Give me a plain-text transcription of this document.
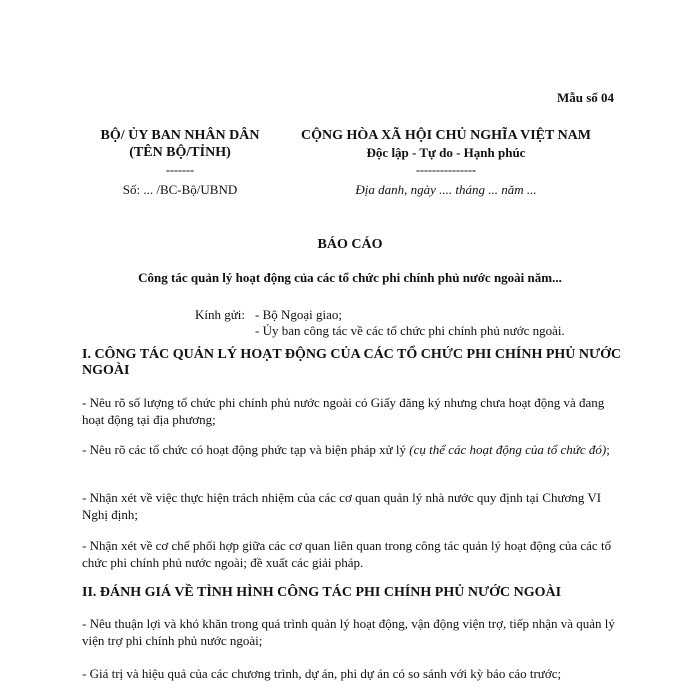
Mẫu số 04
BỘ/ ỦY BAN NHÂN DÂN
(TÊN BỘ/TỈNH)
-------
Số: ... /BC-Bộ/UBND
CỘNG HÒA XÃ HỘI CHỦ NGHĨA VIỆT NAM
Độc lập - Tự do - Hạnh phúc
---------------
Địa danh, ngày .... tháng ... năm ...
BÁO CÁO
Công tác quản lý hoạt động của các tổ chức phi chính phủ nước ngoài năm...
Kính gửi: - Bộ Ngoại giao;
- Ủy ban công tác về các tổ chức phi chính phủ nước ngoài.
I. CÔNG TÁC QUẢN LÝ HOẠT ĐỘNG CỦA CÁC TỔ CHỨC PHI CHÍNH PHỦ NƯỚC NGOÀI
- Nêu rõ số lượng tổ chức phi chính phủ nước ngoài có Giấy đăng ký nhưng chưa hoạt động và đang hoạt động tại địa phương;
- Nêu rõ các tổ chức có hoạt động phức tạp và biện pháp xử lý (cụ thể các hoạt động của tổ chức đó);
- Nhận xét về việc thực hiện trách nhiệm của các cơ quan quản lý nhà nước quy định tại Chương VI Nghị định;
- Nhận xét về cơ chế phối hợp giữa các cơ quan liên quan trong công tác quản lý hoạt động của các tổ chức phi chính phủ nước ngoài; đề xuất các giải pháp.
II. ĐÁNH GIÁ VỀ TÌNH HÌNH CÔNG TÁC PHI CHÍNH PHỦ NƯỚC NGOÀI
- Nêu thuận lợi và khó khăn trong quá trình quản lý hoạt động, vận động viện trợ, tiếp nhận và quản lý viện trợ phi chính phủ nước ngoài;
- Giá trị và hiệu quả của các chương trình, dự án, phi dự án có so sánh với kỳ báo cáo trước;
